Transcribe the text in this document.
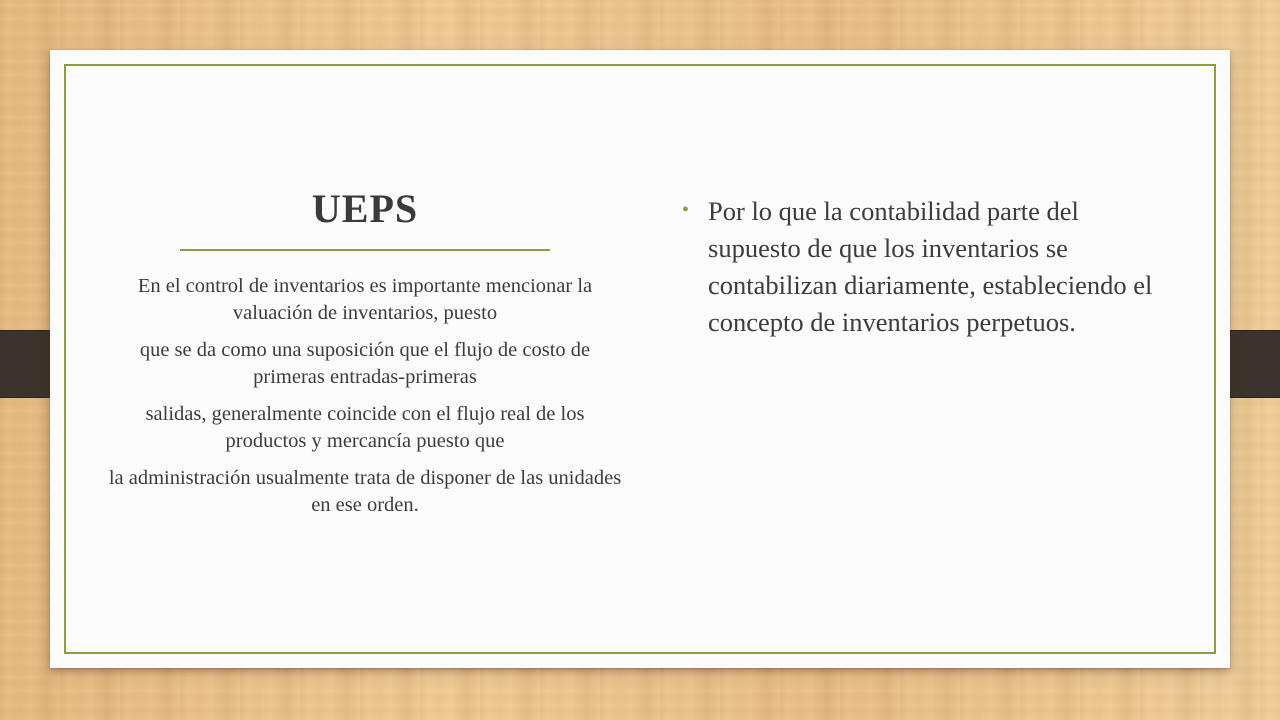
UEPS

En el control de inventarios es importante mencionar la valuación de inventarios, puesto

que se da como una suposición que el flujo de costo de primeras entradas-primeras

salidas, generalmente coincide con el flujo real de los productos y mercancía puesto que

la administración usualmente trata de disponer de las unidades en ese orden.

• Por lo que la contabilidad parte del supuesto de que los inventarios se contabilizan diariamente, estableciendo el concepto de inventarios perpetuos.
